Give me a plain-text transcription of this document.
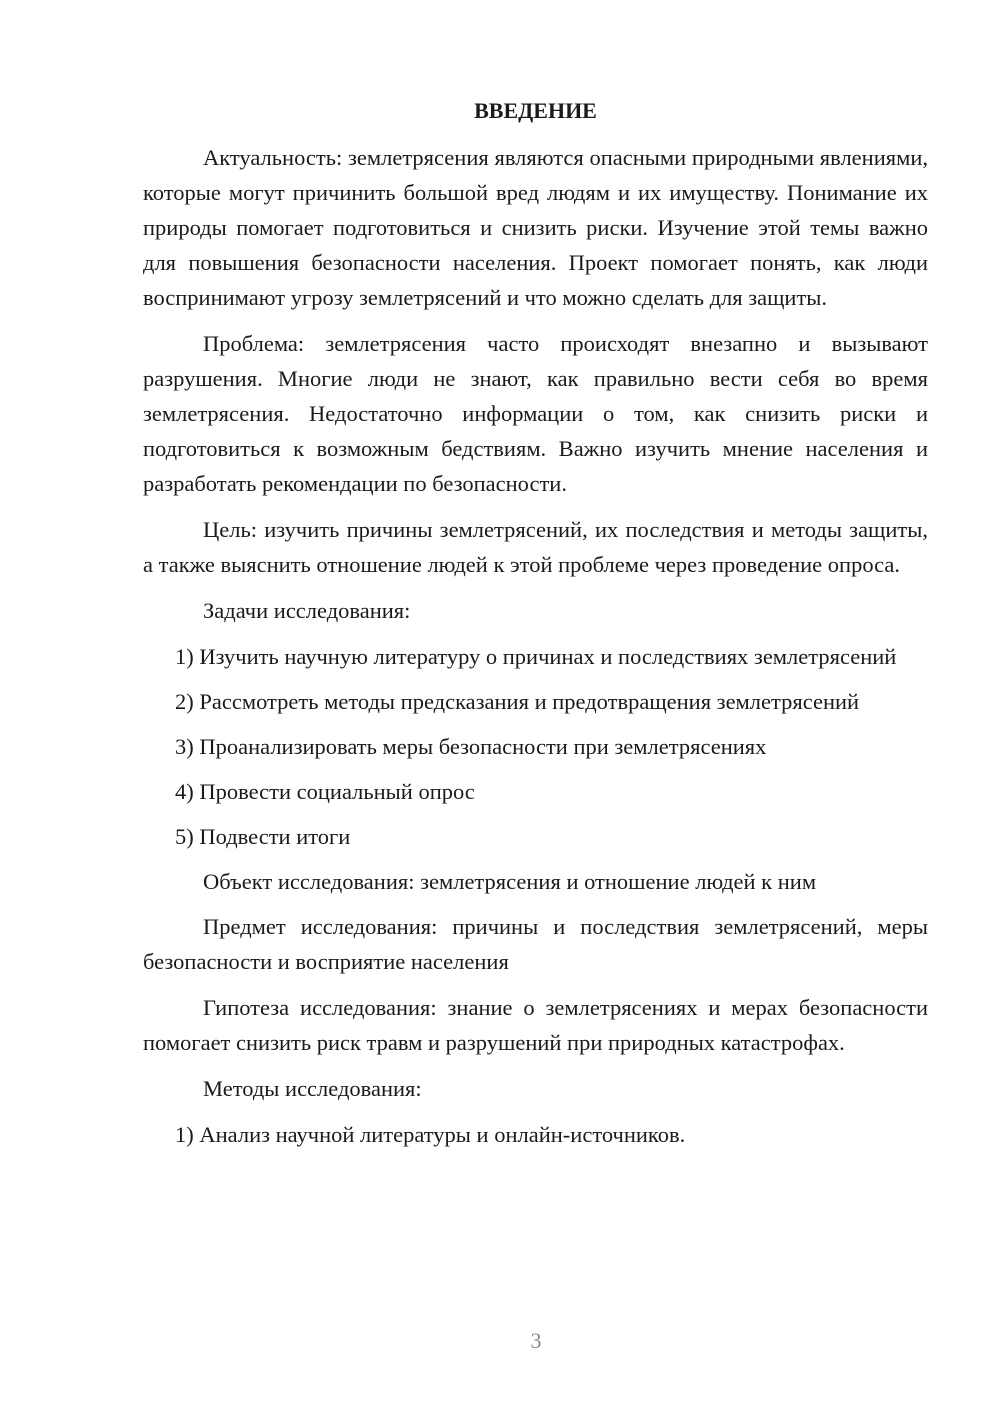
ВВЕДЕНИЕ

Актуальность: землетрясения являются опасными природными явлениями, которые могут причинить большой вред людям и их имуществу. Понимание их природы помогает подготовиться и снизить риски. Изучение этой темы важно для повышения безопасности населения. Проект помогает понять, как люди воспринимают угрозу землетрясений и что можно сделать для защиты.

Проблема: землетрясения часто происходят внезапно и вызывают разрушения. Многие люди не знают, как правильно вести себя во время землетрясения. Недостаточно информации о том, как снизить риски и подготовиться к возможным бедствиям. Важно изучить мнение населения и разработать рекомендации по безопасности.

Цель: изучить причины землетрясений, их последствия и методы защиты, а также выяснить отношение людей к этой проблеме через проведение опроса.

Задачи исследования:

1) Изучить научную литературу о причинах и последствиях землетрясений

2) Рассмотреть методы предсказания и предотвращения землетрясений

3) Проанализировать меры безопасности при землетрясениях

4) Провести социальный опрос

5) Подвести итоги

Объект исследования: землетрясения и отношение людей к ним

Предмет исследования: причины и последствия землетрясений, меры безопасности и восприятие населения

Гипотеза исследования: знание о землетрясениях и мерах безопасности помогает снизить риск травм и разрушений при природных катастрофах.

Методы исследования:

1) Анализ научной литературы и онлайн-источников.

3
